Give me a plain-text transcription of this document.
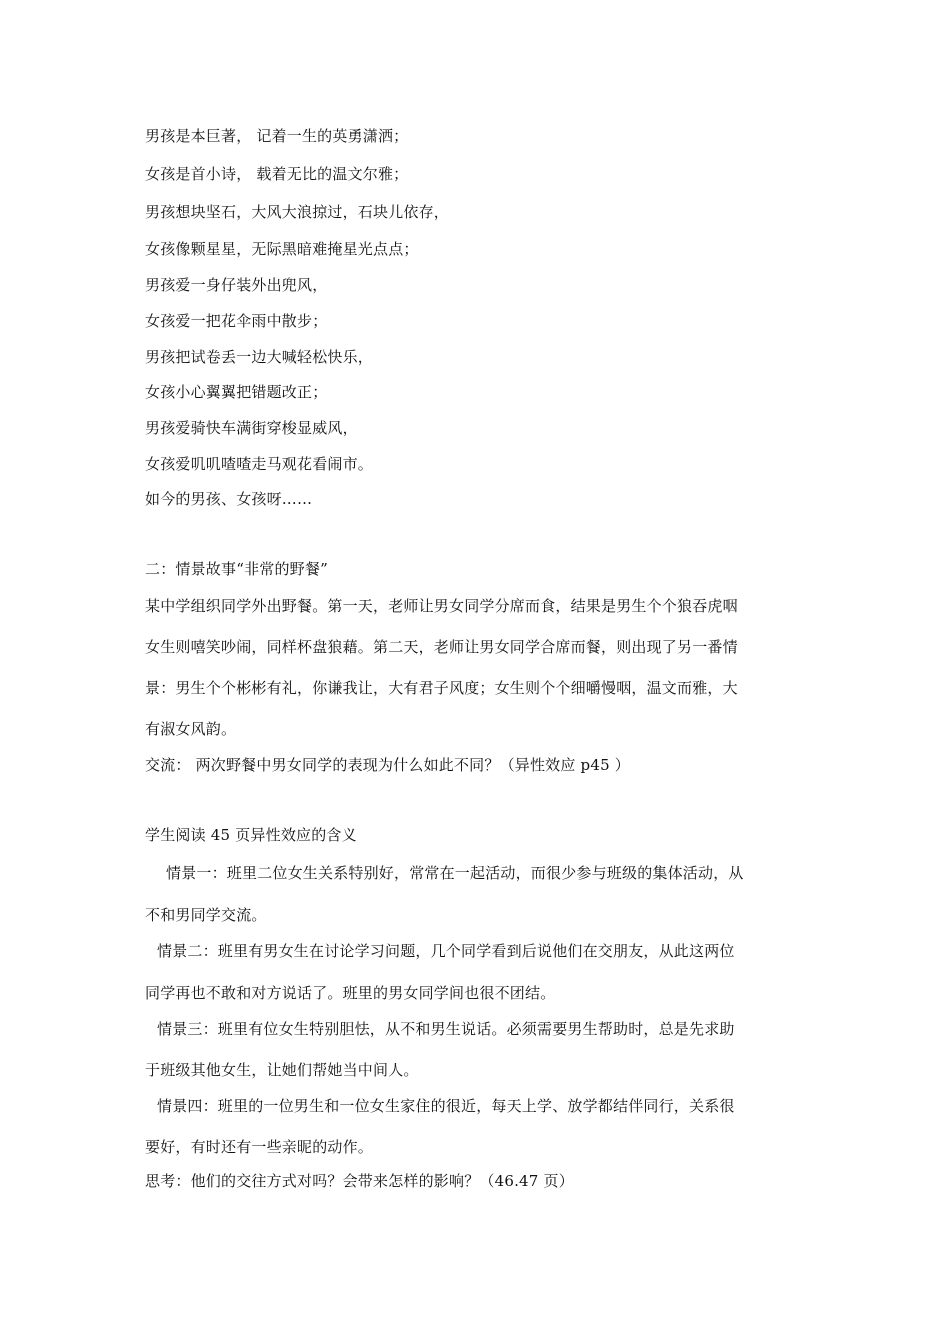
男孩是本巨著， 记着一生的英勇潇洒；
女孩是首小诗， 载着无比的温文尔雅；
男孩想块坚石，大风大浪掠过，石块儿依存，
女孩像颗星星，无际黑暗难掩星光点点；
男孩爱一身仔装外出兜风，
女孩爱一把花伞雨中散步；
男孩把试卷丢一边大喊轻松快乐，
女孩小心翼翼把错题改正；
男孩爱骑快车满街穿梭显威风，
女孩爱叽叽喳喳走马观花看闹市。
如今的男孩、女孩呀……
二：情景故事“非常的野餐”
某中学组织同学外出野餐。第一天，老师让男女同学分席而食，结果是男生个个狼吞虎咽
女生则嘻笑吵闹，同样杯盘狼藉。第二天，老师让男女同学合席而餐，则出现了另一番情
景：男生个个彬彬有礼，你谦我让，大有君子风度；女生则个个细嚼慢咽，温文而雅，大
有淑女风韵。
交流： 两次野餐中男女同学的表现为什么如此不同？（异性效应 p45 ）
学生阅读 45 页异性效应的含义
情景一：班里二位女生关系特别好，常常在一起活动，而很少参与班级的集体活动，从
不和男同学交流。
情景二：班里有男女生在讨论学习问题，几个同学看到后说他们在交朋友，从此这两位
同学再也不敢和对方说话了。班里的男女同学间也很不团结。
情景三：班里有位女生特别胆怯，从不和男生说话。必须需要男生帮助时，总是先求助
于班级其他女生，让她们帮她当中间人。
情景四：班里的一位男生和一位女生家住的很近，每天上学、放学都结伴同行，关系很
要好，有时还有一些亲昵的动作。
思考：他们的交往方式对吗？会带来怎样的影响？（46.47 页）
